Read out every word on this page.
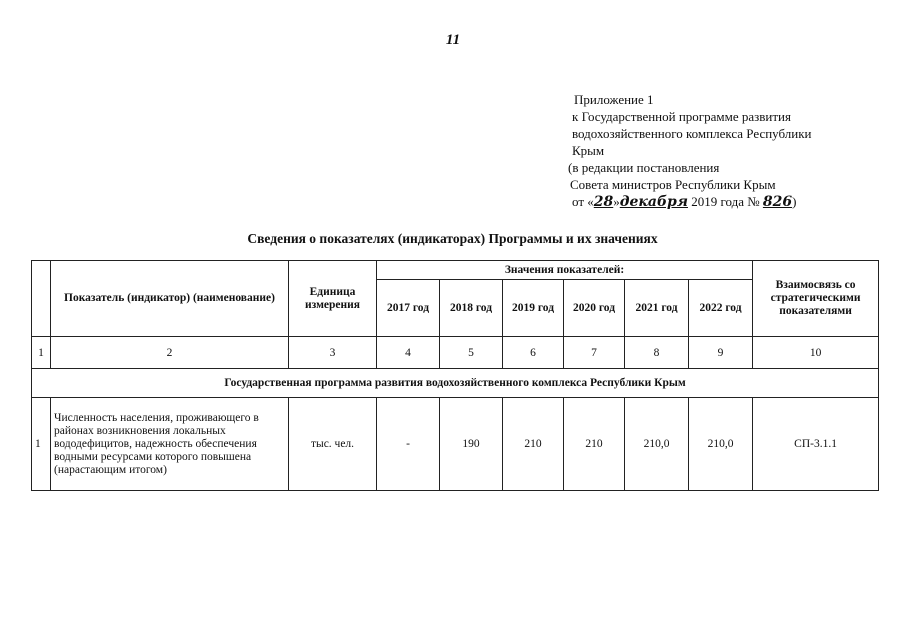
11
Приложение 1
к Государственной программе развития
водохозяйственного комплекса Республики
Крым
(в редакции постановления
Совета министров Республики Крым
от «28»декабря 2019 года № 826)
Сведения о показателях (индикаторах) Программы и их значениях
	Показатель (индикатор) (наименование)	Единица измерения	Значения показателей:						Взаимосвязь со стратегическими показателями
			2017 год	2018 год	2019 год	2020 год	2021 год	2022 год	
1	2	3	4	5	6	7	8	9	10
Государственная программа развития водохозяйственного комплекса Республики Крым									
1	Численность населения, проживающего в районах возникновения локальных вододефицитов, надежность обеспечения водными ресурсами которого повышена (нарастающим итогом)	тыс. чел.	-	190	210	210	210,0	210,0	СП-3.1.1
